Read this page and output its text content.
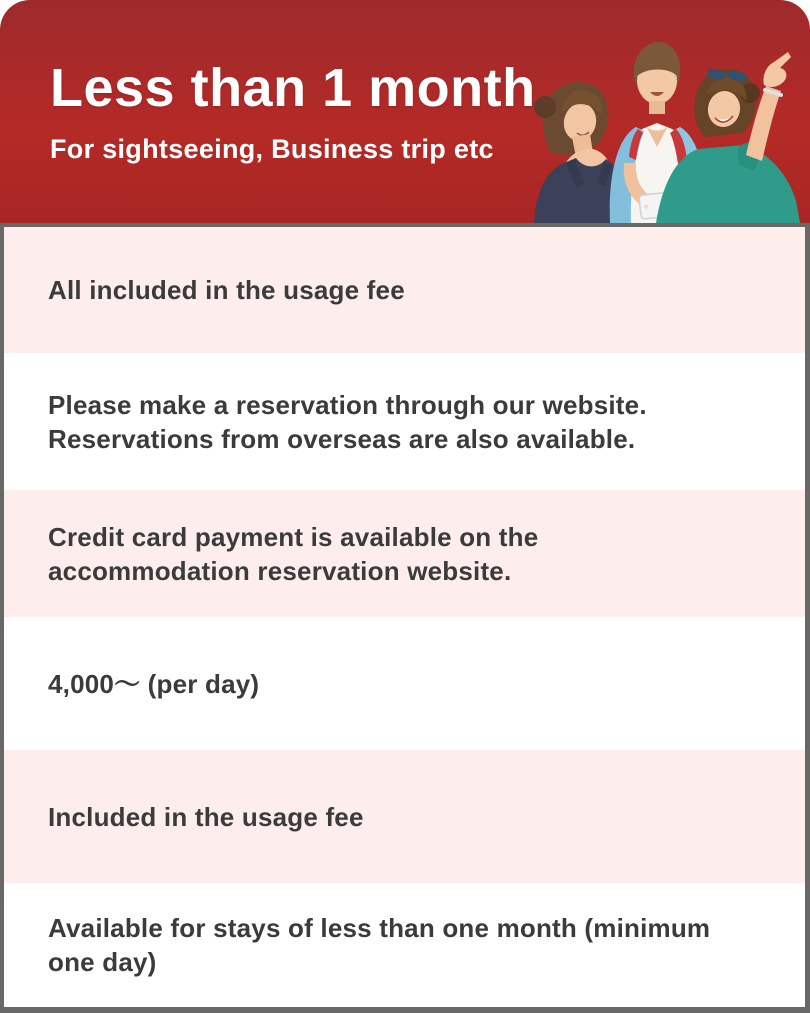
Less than 1 month
For sightseeing, Business trip etc
All included in the usage fee
Please make a reservation through our website.
Reservations from overseas are also available.
Credit card payment is available on the
accommodation reservation website.
4,000〜 (per day)
Included in the usage fee
Available for stays of less than one month (minimum
one day)
